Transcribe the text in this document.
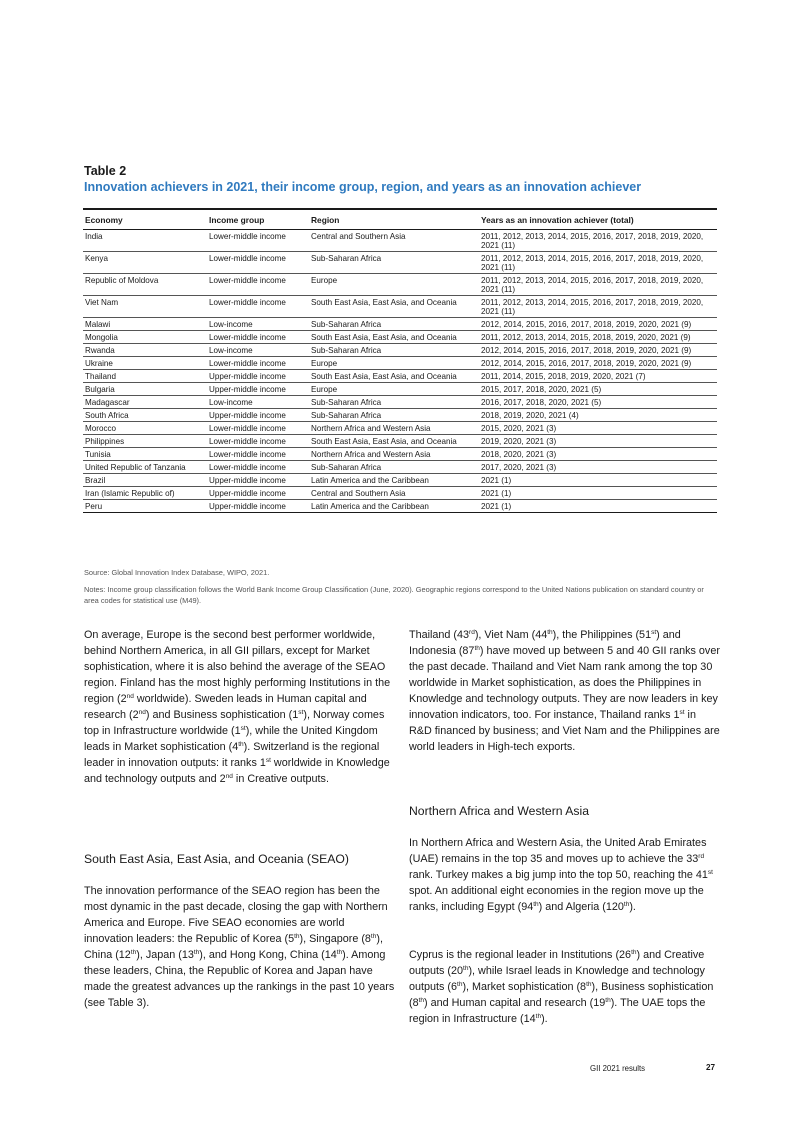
Table 2
Innovation achievers in 2021, their income group, region, and years as an innovation achiever
Economy	Income group	Region	Years as an innovation achiever (total)
India	Lower-middle income	Central and Southern Asia	2011, 2012, 2013, 2014, 2015, 2016, 2017, 2018, 2019, 2020, 2021 (11)
Kenya	Lower-middle income	Sub-Saharan Africa	2011, 2012, 2013, 2014, 2015, 2016, 2017, 2018, 2019, 2020, 2021 (11)
Republic of Moldova	Lower-middle income	Europe	2011, 2012, 2013, 2014, 2015, 2016, 2017, 2018, 2019, 2020, 2021 (11)
Viet Nam	Lower-middle income	South East Asia, East Asia, and Oceania	2011, 2012, 2013, 2014, 2015, 2016, 2017, 2018, 2019, 2020, 2021 (11)
Malawi	Low-income	Sub-Saharan Africa	2012, 2014, 2015, 2016, 2017, 2018, 2019, 2020, 2021 (9)
Mongolia	Lower-middle income	South East Asia, East Asia, and Oceania	2011, 2012, 2013, 2014, 2015, 2018, 2019, 2020, 2021 (9)
Rwanda	Low-income	Sub-Saharan Africa	2012, 2014, 2015, 2016, 2017, 2018, 2019, 2020, 2021 (9)
Ukraine	Lower-middle income	Europe	2012, 2014, 2015, 2016, 2017, 2018, 2019, 2020, 2021 (9)
Thailand	Upper-middle income	South East Asia, East Asia, and Oceania	2011, 2014, 2015, 2018, 2019, 2020, 2021 (7)
Bulgaria	Upper-middle income	Europe	2015, 2017, 2018, 2020, 2021 (5)
Madagascar	Low-income	Sub-Saharan Africa	2016, 2017, 2018, 2020, 2021 (5)
South Africa	Upper-middle income	Sub-Saharan Africa	2018, 2019, 2020, 2021 (4)
Morocco	Lower-middle income	Northern Africa and Western Asia	2015, 2020, 2021 (3)
Philippines	Lower-middle income	South East Asia, East Asia, and Oceania	2019, 2020, 2021 (3)
Tunisia	Lower-middle income	Northern Africa and Western Asia	2018, 2020, 2021 (3)
United Republic of Tanzania	Lower-middle income	Sub-Saharan Africa	2017, 2020, 2021 (3)
Brazil	Upper-middle income	Latin America and the Caribbean	2021 (1)
Iran (Islamic Republic of)	Upper-middle income	Central and Southern Asia	2021 (1)
Peru	Upper-middle income	Latin America and the Caribbean	2021 (1)
Source: Global Innovation Index Database, WIPO, 2021.
Notes: Income group classification follows the World Bank Income Group Classification (June, 2020). Geographic regions correspond to the United Nations publication on standard country or area codes for statistical use (M49).

On average, Europe is the second best performer worldwide, behind Northern America, in all GII pillars, except for Market sophistication, where it is also behind the average of the SEAO region. Finland has the most highly performing Institutions in the region (2nd worldwide). Sweden leads in Human capital and research (2nd) and Business sophistication (1st), Norway comes top in Infrastructure worldwide (1st), while the United Kingdom leads in Market sophistication (4th). Switzerland is the regional leader in innovation outputs: it ranks 1st worldwide in Knowledge and technology outputs and 2nd in Creative outputs.

South East Asia, East Asia, and Oceania (SEAO)

The innovation performance of the SEAO region has been the most dynamic in the past decade, closing the gap with Northern America and Europe. Five SEAO economies are world innovation leaders: the Republic of Korea (5th), Singapore (8th), China (12th), Japan (13th), and Hong Kong, China (14th). Among these leaders, China, the Republic of Korea and Japan have made the greatest advances up the rankings in the past 10 years (see Table 3).

Thailand (43rd), Viet Nam (44th), the Philippines (51st) and Indonesia (87th) have moved up between 5 and 40 GII ranks over the past decade. Thailand and Viet Nam rank among the top 30 worldwide in Market sophistication, as does the Philippines in Knowledge and technology outputs. They are now leaders in key innovation indicators, too. For instance, Thailand ranks 1st in R&D financed by business; and Viet Nam and the Philippines are world leaders in High-tech exports.

Northern Africa and Western Asia

In Northern Africa and Western Asia, the United Arab Emirates (UAE) remains in the top 35 and moves up to achieve the 33rd rank. Turkey makes a big jump into the top 50, reaching the 41st spot. An additional eight economies in the region move up the ranks, including Egypt (94th) and Algeria (120th).

Cyprus is the regional leader in Institutions (26th) and Creative outputs (20th), while Israel leads in Knowledge and technology outputs (6th), Market sophistication (8th), Business sophistication (8th) and Human capital and research (19th). The UAE tops the region in Infrastructure (14th).

GII 2021 results	27
